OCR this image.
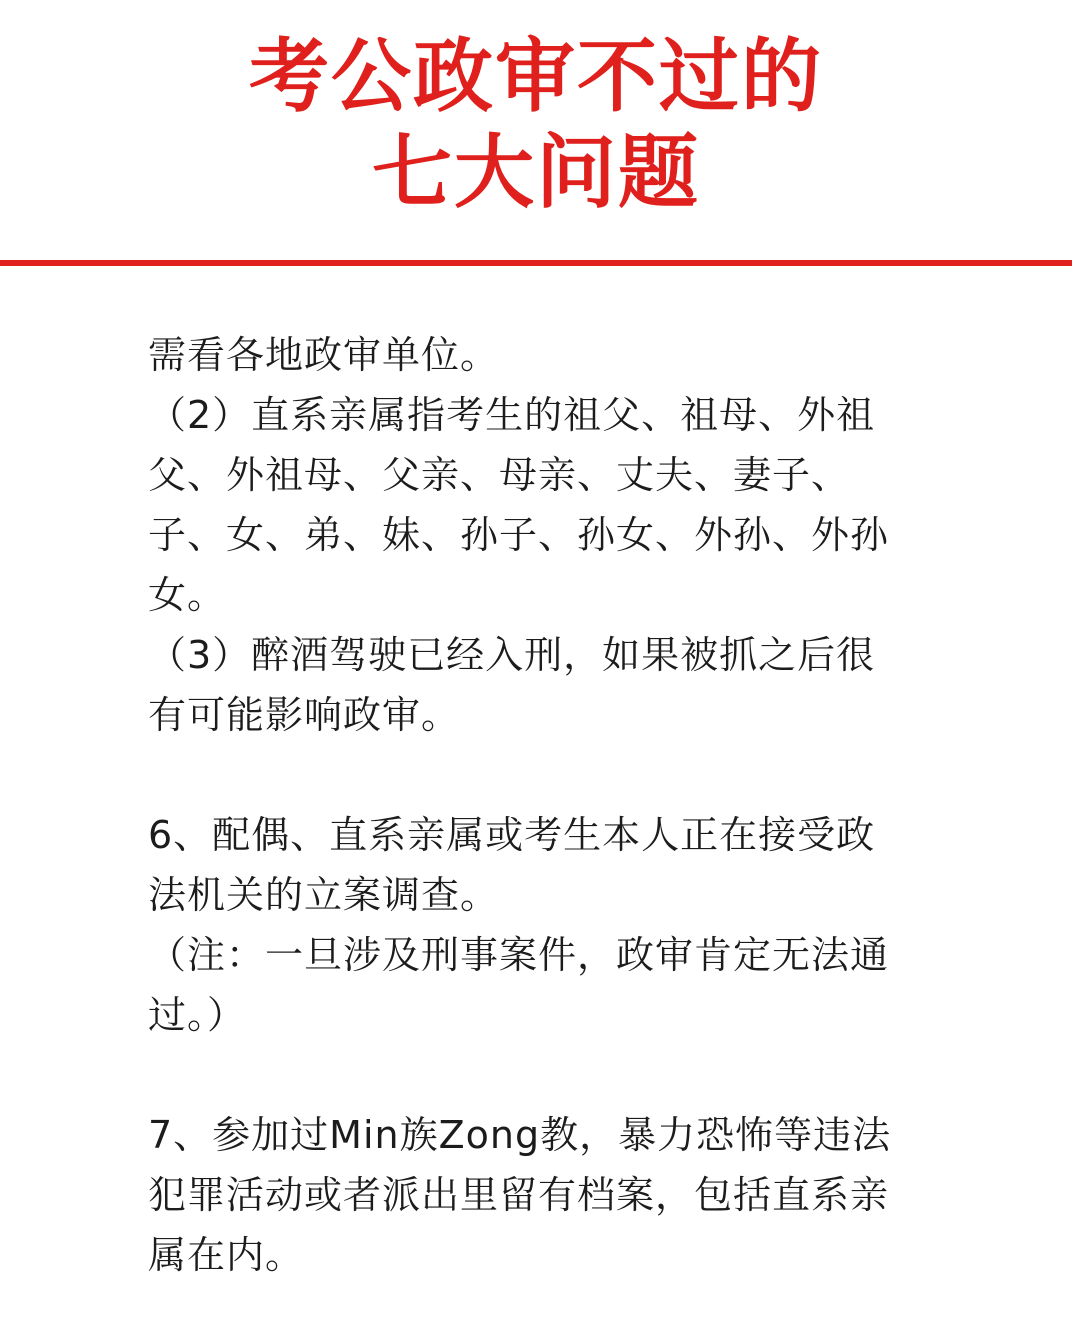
考公政审不过的
七大问题
需看各地政审单位。
（2）直系亲属指考生的祖父、祖母、外祖
父、外祖母、父亲、母亲、丈夫、妻子、
子、女、弟、妹、孙子、孙女、外孙、外孙
女。
（3）醉酒驾驶已经入刑，如果被抓之后很
有可能影响政审。
6、配偶、直系亲属或考生本人正在接受政
法机关的立案调查。
（注：一旦涉及刑事案件，政审肯定无法通
过。）
7、参加过Min族Zong教，暴力恐怖等违法
犯罪活动或者派出里留有档案，包括直系亲
属在内。
